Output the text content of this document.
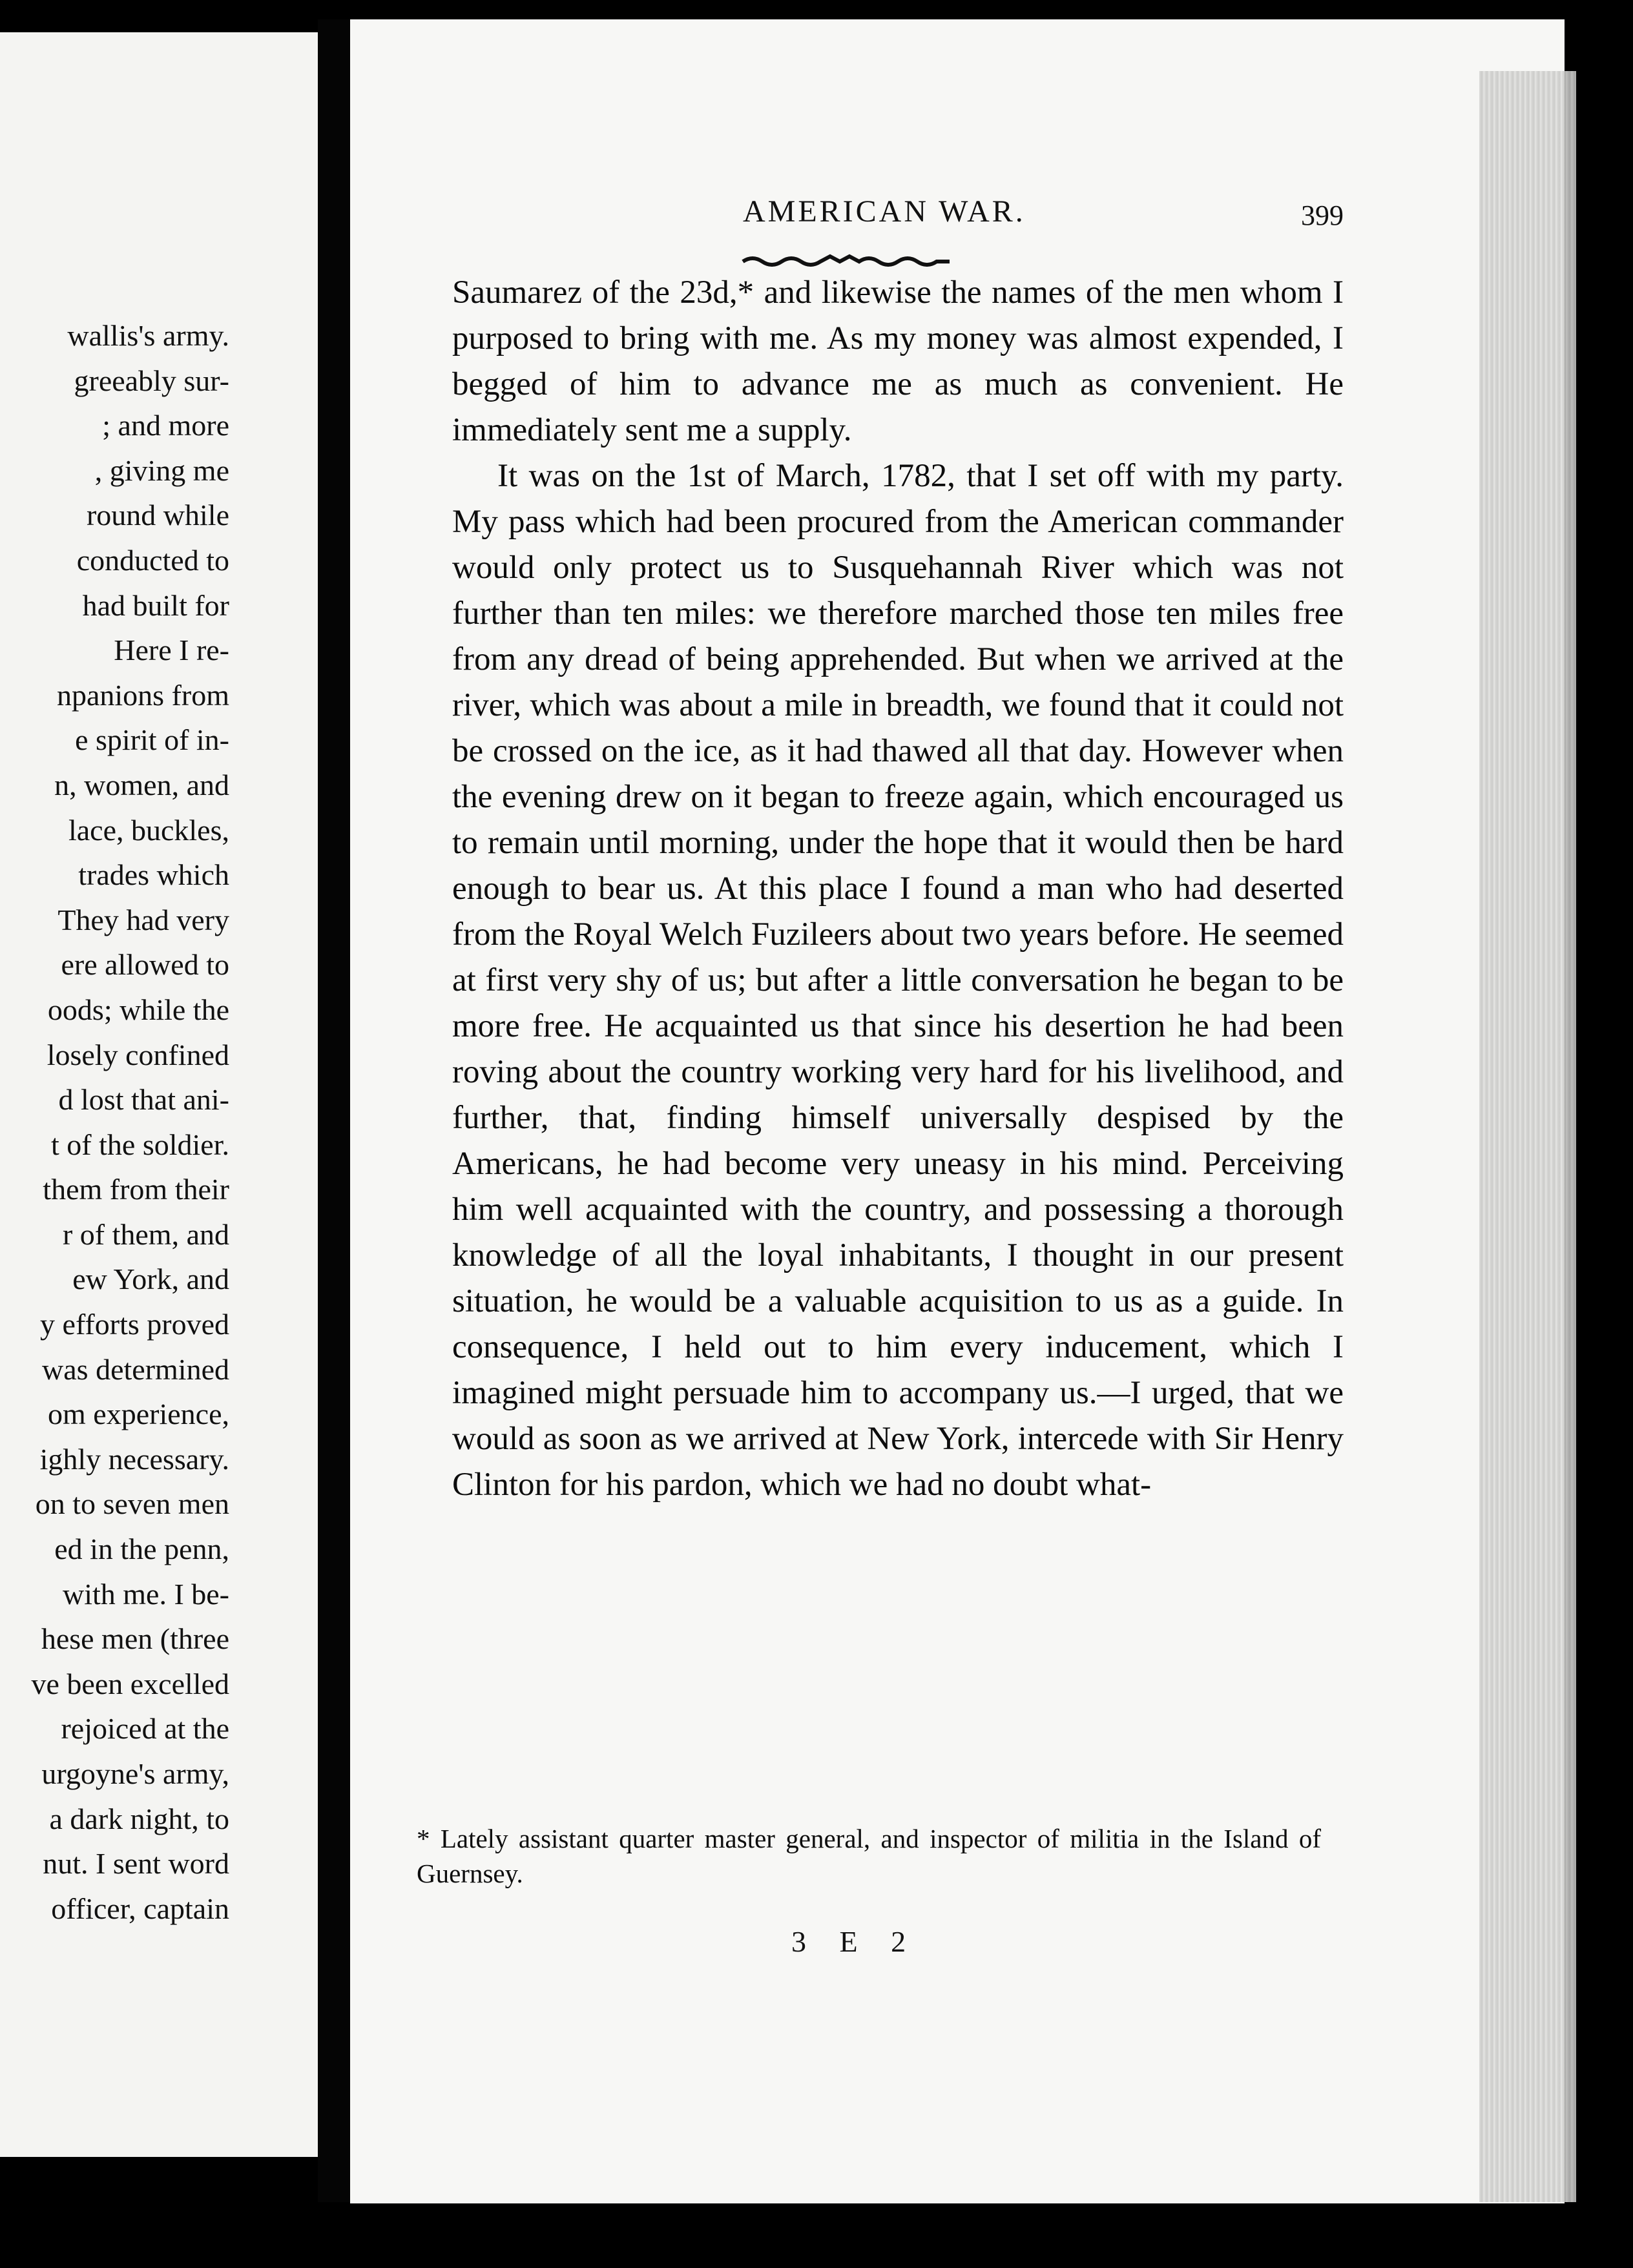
wallis's army.
greeably sur-
; and more
, giving me
round while
conducted to
had built for
Here I re-
npanions from
e spirit of in-
n, women, and
lace, buckles,
trades which
They had very
ere allowed to
oods; while the
losely confined
d lost that ani-
t of the soldier.
them from their
r of them, and
ew York, and
y efforts proved
was determined
om experience,
ighly necessary.
on to seven men
ed in the penn,
with me. I be-
hese men (three
ve been excelled
rejoiced at the
urgoyne's army,
a dark night, to
nut. I sent word
officer, captain
AMERICAN WAR.	399

Saumarez of the 23d,* and likewise the names of the men whom I purposed to bring with me. As my money was almost expended, I begged of him to advance me as much as convenient. He immediately sent me a supply.

It was on the 1st of March, 1782, that I set off with my party. My pass which had been procured from the American commander would only protect us to Susquehannah River which was not further than ten miles: we therefore marched those ten miles free from any dread of being apprehended. But when we arrived at the river, which was about a mile in breadth, we found that it could not be crossed on the ice, as it had thawed all that day. However when the evening drew on it began to freeze again, which encouraged us to remain until morning, under the hope that it would then be hard enough to bear us. At this place I found a man who had deserted from the Royal Welch Fuzileers about two years before. He seemed at first very shy of us; but after a little conversation he began to be more free. He acquainted us that since his desertion he had been roving about the country working very hard for his livelihood, and further, that, finding himself universally despised by the Americans, he had become very uneasy in his mind. Perceiving him well acquainted with the country, and possessing a thorough knowledge of all the loyal inhabitants, I thought in our present situation, he would be a valuable acquisition to us as a guide. In consequence, I held out to him every inducement, which I imagined might persuade him to accompany us.—I urged, that we would as soon as we arrived at New York, intercede with Sir Henry Clinton for his pardon, which we had no doubt what-

* Lately assistant quarter master general, and inspector of militia in the Island of Guernsey.
3 E 2
